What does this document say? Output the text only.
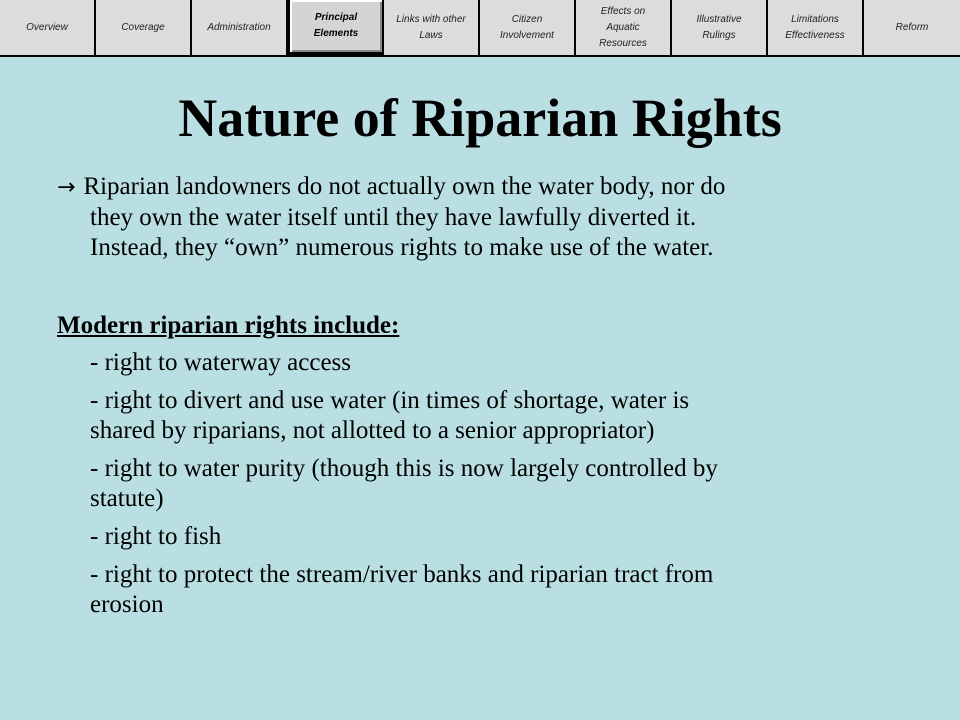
Overview	Coverage	Administration
Principal
Elements
Links with other
Laws
Citizen
Involvement
Effects on
Aquatic
Resources
Illustrative
Rulings
Limitations
Effectiveness
Reform
Nature of Riparian Rights
→ Riparian landowners do not actually own the water body, nor do
they own the water itself until they have lawfully diverted it.
Instead, they “own” numerous rights to make use of the water.
Modern riparian rights include:
- right to waterway access
- right to divert and use water (in times of shortage, water is
shared by riparians, not allotted to a senior appropriator)
- right to water purity (though this is now largely controlled by
statute)
- right to fish
- right to protect the stream/river banks and riparian tract from
erosion
